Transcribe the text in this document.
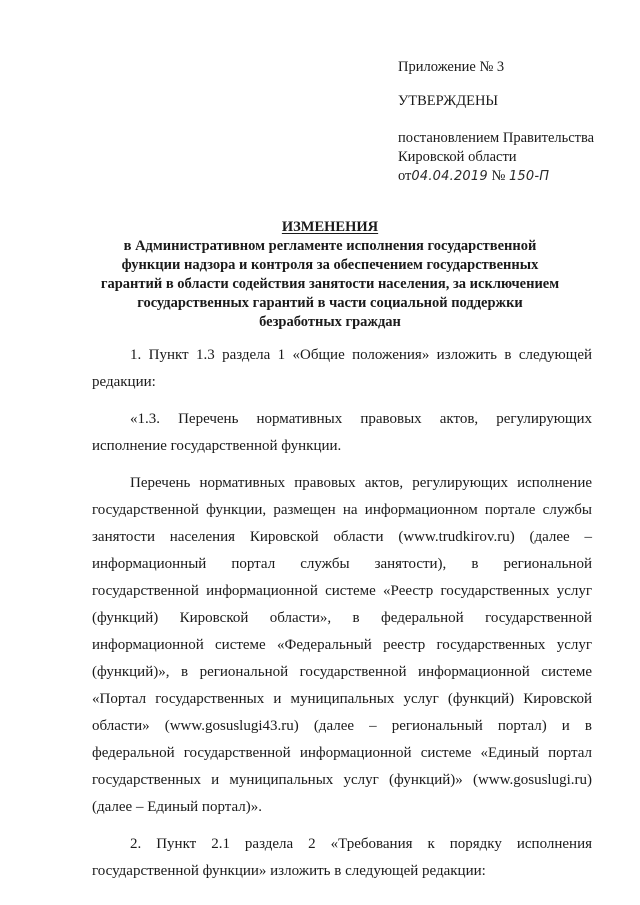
Приложение № 3
УТВЕРЖДЕНЫ
постановлением Правительства
Кировской области
от04.04.2019 № 150-П
ИЗМЕНЕНИЯ
в Административном регламенте исполнения государственной
функции надзора и контроля за обеспечением государственных
гарантий в области содействия занятости населения, за исключением
государственных гарантий в части социальной поддержки
безработных граждан

1. Пункт 1.3 раздела 1 «Общие положения» изложить в следующей редакции:

«1.3. Перечень нормативных правовых актов, регулирующих исполнение государственной функции.

Перечень нормативных правовых актов, регулирующих исполнение государственной функции, размещен на информационном портале службы занятости населения Кировской области (www.trudkirov.ru) (далее – информационный портал службы занятости), в региональной государственной информационной системе «Реестр государственных услуг (функций) Кировской области», в федеральной государственной информационной системе «Федеральный реестр государственных услуг (функций)», в региональной государственной информационной системе «Портал государственных и муниципальных услуг (функций) Кировской области» (www.gosuslugi43.ru) (далее – региональный портал) и в федеральной государственной информационной системе «Единый портал государственных и муниципальных услуг (функций)» (www.gosuslugi.ru) (далее – Единый портал)».

2. Пункт 2.1 раздела 2 «Требования к порядку исполнения государственной функции» изложить в следующей редакции:
